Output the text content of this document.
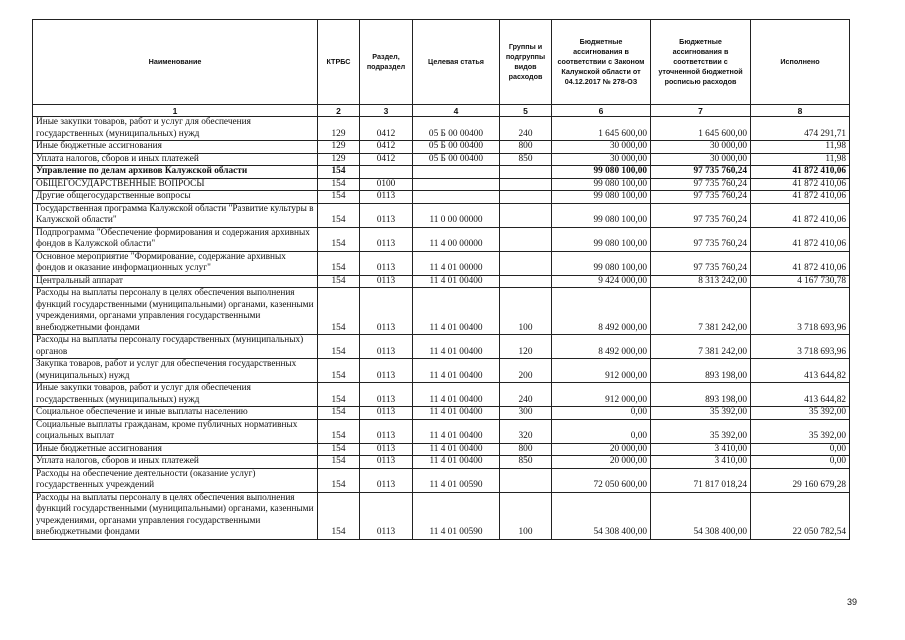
Наименование	КТРБС	Раздел, подраздел	Целевая статья	Группы и подгруппы видов расходов	Бюджетные ассигнования в соответствии с Законом Калужской области от 04.12.2017 № 278-ОЗ	Бюджетные ассигнования в соответствии с уточненной бюджетной росписью расходов	Исполнено
1	2	3	4	5	6	7	8
Иные закупки товаров, работ и услуг для обеспечения государственных (муниципальных) нужд	129	0412	05 Б 00 00400	240	1 645 600,00	1 645 600,00	474 291,71
Иные бюджетные ассигнования	129	0412	05 Б 00 00400	800	30 000,00	30 000,00	11,98
Уплата налогов, сборов и иных платежей	129	0412	05 Б 00 00400	850	30 000,00	30 000,00	11,98
Управление по делам архивов Калужской области	154				99 080 100,00	97 735 760,24	41 872 410,06
ОБЩЕГОСУДАРСТВЕННЫЕ ВОПРОСЫ	154	0100			99 080 100,00	97 735 760,24	41 872 410,06
Другие общегосударственные вопросы	154	0113			99 080 100,00	97 735 760,24	41 872 410,06
Государственная программа Калужской области "Развитие культуры в Калужской области"	154	0113	11 0 00 00000		99 080 100,00	97 735 760,24	41 872 410,06
Подпрограмма "Обеспечение формирования и содержания архивных фондов в Калужской области"	154	0113	11 4 00 00000		99 080 100,00	97 735 760,24	41 872 410,06
Основное мероприятие "Формирование, содержание архивных фондов и оказание информационных услуг"	154	0113	11 4 01 00000		99 080 100,00	97 735 760,24	41 872 410,06
Центральный аппарат	154	0113	11 4 01 00400		9 424 000,00	8 313 242,00	4 167 730,78
Расходы на выплаты персоналу в целях обеспечения выполнения функций государственными (муниципальными) органами, казенными учреждениями, органами управления государственными внебюджетными фондами	154	0113	11 4 01 00400	100	8 492 000,00	7 381 242,00	3 718 693,96
Расходы на выплаты персоналу государственных (муниципальных) органов	154	0113	11 4 01 00400	120	8 492 000,00	7 381 242,00	3 718 693,96
Закупка товаров, работ и услуг для обеспечения государственных (муниципальных) нужд	154	0113	11 4 01 00400	200	912 000,00	893 198,00	413 644,82
Иные закупки товаров, работ и услуг для обеспечения государственных (муниципальных) нужд	154	0113	11 4 01 00400	240	912 000,00	893 198,00	413 644,82
Социальное обеспечение и иные выплаты населению	154	0113	11 4 01 00400	300	0,00	35 392,00	35 392,00
Социальные выплаты гражданам, кроме публичных нормативных социальных выплат	154	0113	11 4 01 00400	320	0,00	35 392,00	35 392,00
Иные бюджетные ассигнования	154	0113	11 4 01 00400	800	20 000,00	3 410,00	0,00
Уплата налогов, сборов и иных платежей	154	0113	11 4 01 00400	850	20 000,00	3 410,00	0,00
Расходы на обеспечение деятельности (оказание услуг) государственных учреждений	154	0113	11 4 01 00590		72 050 600,00	71 817 018,24	29 160 679,28
Расходы на выплаты персоналу в целях обеспечения выполнения функций государственными (муниципальными) органами, казенными учреждениями, органами управления государственными внебюджетными фондами	154	0113	11 4 01 00590	100	54 308 400,00	54 308 400,00	22 050 782,54
39
